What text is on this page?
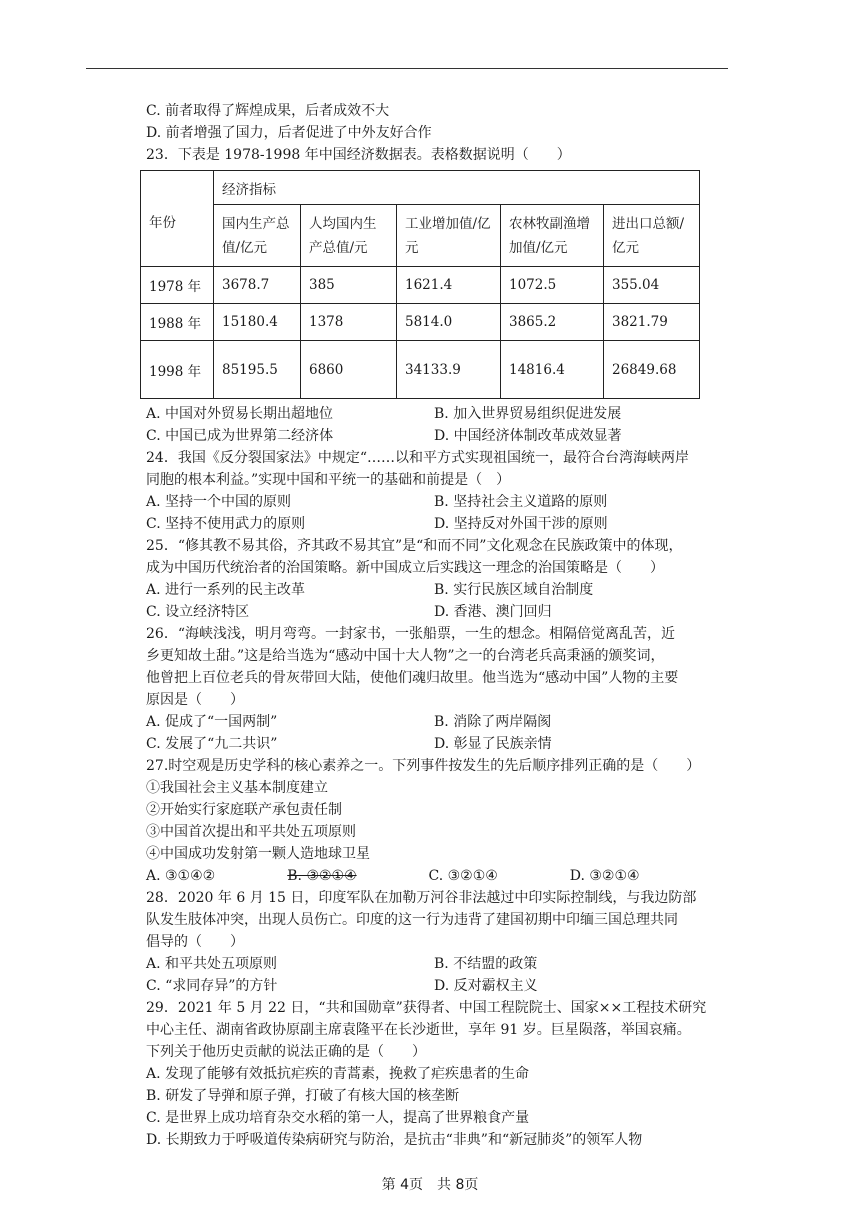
C. 前者取得了辉煌成果，后者成效不大
D. 前者增强了国力，后者促进了中外友好合作
23．下表是 1978-1998 年中国经济数据表。表格数据说明（　　）
年份	经济指标				
	国内生产总值/亿元	人均国内生产总值/元	工业增加值/亿元	农林牧副渔增加值/亿元	进出口总额/亿元
1978 年	3678.7	385	1621.4	1072.5	355.04
1988 年	15180.4	1378	5814.0	3865.2	3821.79
1998 年	85195.5	6860	34133.9	14816.4	26849.68
A. 中国对外贸易长期出超地位	B. 加入世界贸易组织促进发展
C. 中国已成为世界第二经济体	D. 中国经济体制改革成效显著
24．我国《反分裂国家法》中规定“……以和平方式实现祖国统一，最符合台湾海峡两岸
同胞的根本利益。”实现中国和平统一的基础和前提是（　）
A. 坚持一个中国的原则	B. 坚持社会主义道路的原则
C. 坚持不使用武力的原则	D. 坚持反对外国干涉的原则
25．“修其教不易其俗，齐其政不易其宜”是“和而不同”文化观念在民族政策中的体现，
成为中国历代统治者的治国策略。新中国成立后实践这一理念的治国策略是（　　）
A. 进行一系列的民主改革	B. 实行民族区域自治制度
C. 设立经济特区	D. 香港、澳门回归
26．“海峡浅浅，明月弯弯。一封家书，一张船票，一生的想念。相隔倍觉离乱苦，近
乡更知故土甜。”这是给当选为“感动中国十大人物”之一的台湾老兵高秉涵的颁奖词，
他曾把上百位老兵的骨灰带回大陆，使他们魂归故里。他当选为“感动中国”人物的主要
原因是（　　）
A. 促成了“一国两制”	B. 消除了两岸隔阂
C. 发展了“九二共识”	D. 彰显了民族亲情
27.时空观是历史学科的核心素养之一。下列事件按发生的先后顺序排列正确的是（　　）
①我国社会主义基本制度建立
②开始实行家庭联产承包责任制
③中国首次提出和平共处五项原则
④中国成功发射第一颗人造地球卫星
A. ③①④②	B. ③②①④	C. ③②①④	D. ③②①④
28．2020 年 6 月 15 日，印度军队在加勒万河谷非法越过中印实际控制线，与我边防部
队发生肢体冲突，出现人员伤亡。印度的这一行为违背了建国初期中印缅三国总理共同
倡导的（　　）
A. 和平共处五项原则	B. 不结盟的政策
C. “求同存异”的方针	D. 反对霸权主义
29．2021 年 5 月 22 日，“共和国勋章”获得者、中国工程院院士、国家××工程技术研究
中心主任、湖南省政协原副主席袁隆平在长沙逝世，享年 91 岁。巨星陨落，举国哀痛。
下列关于他历史贡献的说法正确的是（　　）
A. 发现了能够有效抵抗疟疾的青蒿素，挽救了疟疾患者的生命
B. 研发了导弹和原子弹，打破了有核大国的核垄断
C. 是世界上成功培育杂交水稻的第一人，提高了世界粮食产量
D. 长期致力于呼吸道传染病研究与防治，是抗击“非典”和“新冠肺炎”的领军人物
第 4页　共 8页
